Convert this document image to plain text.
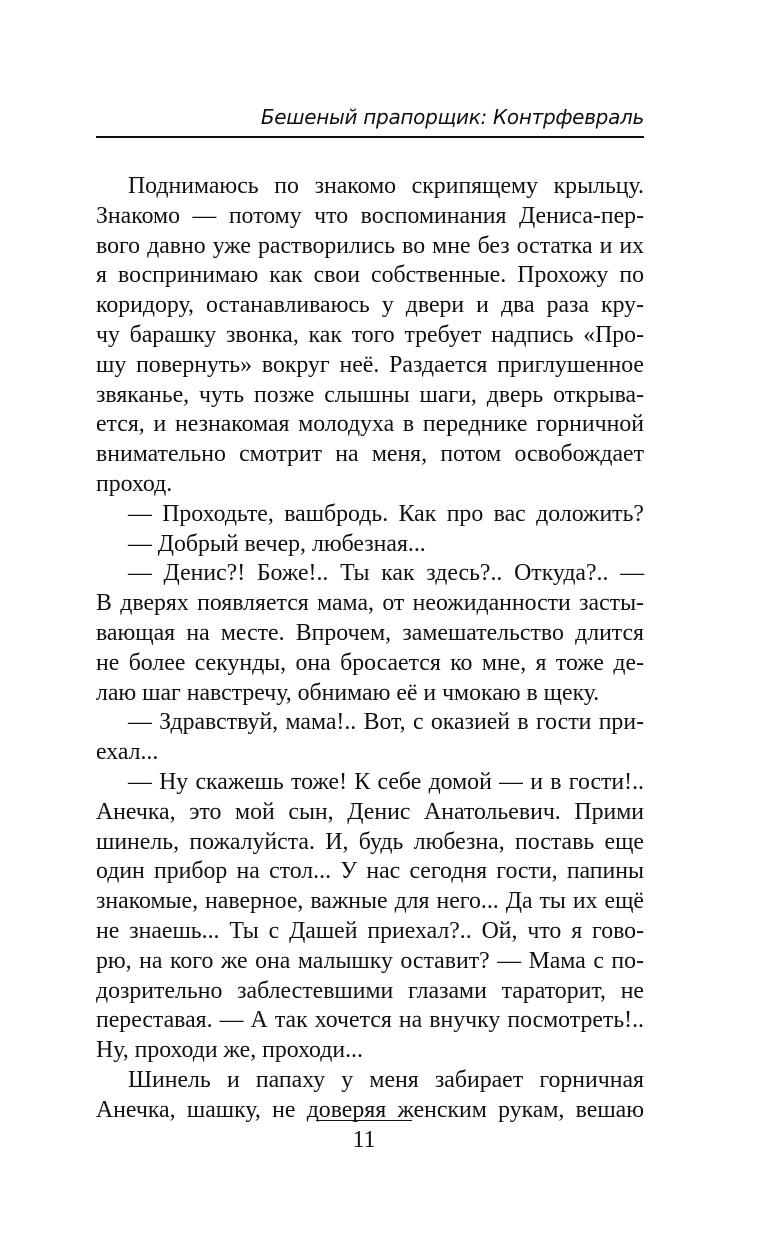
Бешеный прапорщик: Контрфевраль
Поднимаюсь по знакомо скрипящему крыльцу.
Знакомо — потому что воспоминания Дениса-пер-
вого давно уже растворились во мне без остатка и их
я воспринимаю как свои собственные. Прохожу по
коридору, останавливаюсь у двери и два раза кру-
чу барашку звонка, как того требует надпись «Про-
шу повернуть» вокруг неё. Раздается приглушенное
звяканье, чуть позже слышны шаги, дверь открыва-
ется, и незнакомая молодуха в переднике горничной
внимательно смотрит на меня, потом освобождает
проход.
— Проходьте, вашбродь. Как про вас доложить?
— Добрый вечер, любезная...
— Денис?! Боже!.. Ты как здесь?.. Откуда?.. —
В дверях появляется мама, от неожиданности засты-
вающая на месте. Впрочем, замешательство длится
не более секунды, она бросается ко мне, я тоже де-
лаю шаг навстречу, обнимаю её и чмокаю в щеку.
— Здравствуй, мама!.. Вот, с оказией в гости при-
ехал...
— Ну скажешь тоже! К себе домой — и в гости!..
Анечка, это мой сын, Денис Анатольевич. Прими
шинель, пожалуйста. И, будь любезна, поставь еще
один прибор на стол... У нас сегодня гости, папины
знакомые, наверное, важные для него... Да ты их ещё
не знаешь... Ты с Дашей приехал?.. Ой, что я гово-
рю, на кого же она малышку оставит? — Мама с по-
дозрительно заблестевшими глазами тараторит, не
переставая. — А так хочется на внучку посмотреть!..
Ну, проходи же, проходи...
Шинель и папаху у меня забирает горничная
Анечка, шашку, не доверяя женским рукам, вешаю
11
